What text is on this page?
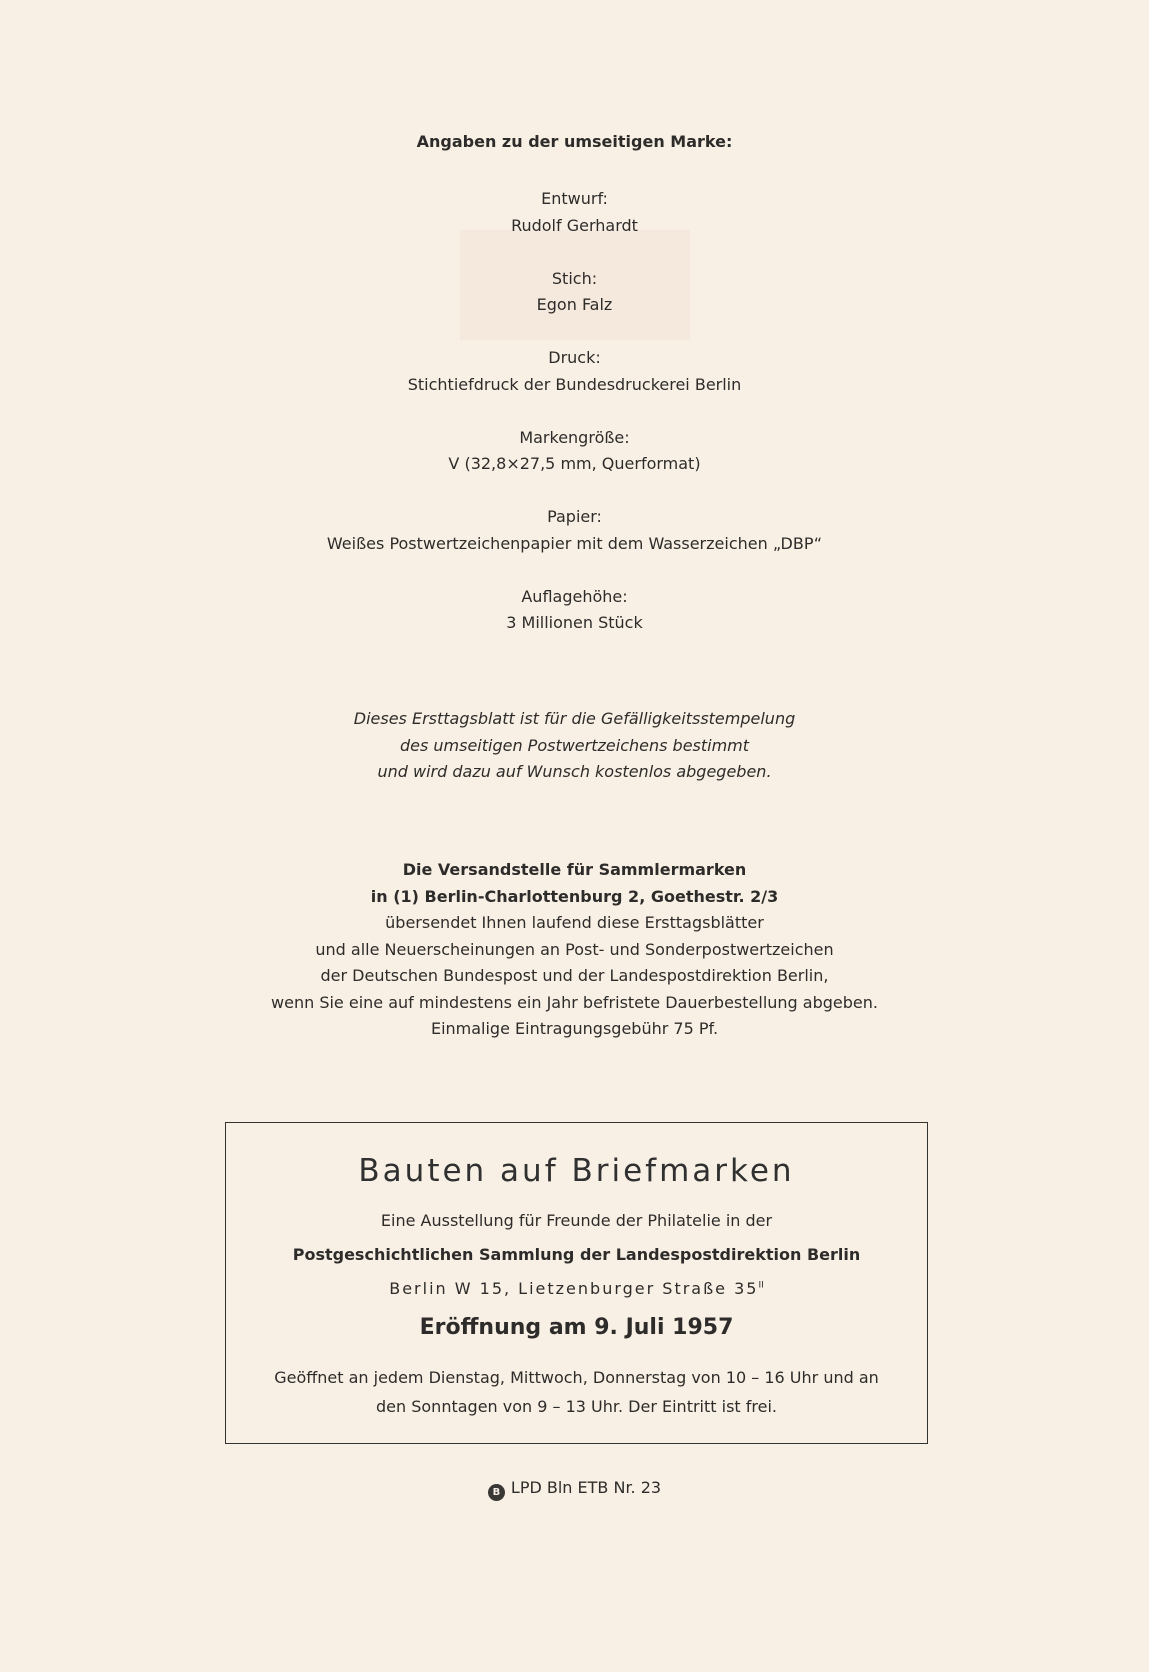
Angaben zu der umseitigen Marke:
Entwurf:
Rudolf Gerhardt
Stich:
Egon Falz
Druck:
Stichtiefdruck der Bundesdruckerei Berlin
Markengröße:
V (32,8×27,5 mm, Querformat)
Papier:
Weißes Postwertzeichenpapier mit dem Wasserzeichen „DBP“
Auflagehöhe:
3 Millionen Stück
Dieses Ersttagsblatt ist für die Gefälligkeitsstempelung
des umseitigen Postwertzeichens bestimmt
und wird dazu auf Wunsch kostenlos abgegeben.
Die Versandstelle für Sammlermarken
in (1) Berlin-Charlottenburg 2, Goethestr. 2/3
übersendet Ihnen laufend diese Ersttagsblätter
und alle Neuerscheinungen an Post- und Sonderpostwertzeichen
der Deutschen Bundespost und der Landespostdirektion Berlin,
wenn Sie eine auf mindestens ein Jahr befristete Dauerbestellung abgeben.
Einmalige Eintragungsgebühr 75 Pf.
Bauten auf Briefmarken
Eine Ausstellung für Freunde der Philatelie in der
Postgeschichtlichen Sammlung der Landespostdirektion Berlin
Berlin W 15, Lietzenburger Straße $35^{II}$
Eröffnung am 9. Juli 1957
Geöffnet an jedem Dienstag, Mittwoch, Donnerstag von 10 – 16 Uhr und an
den Sonntagen von 9 – 13 Uhr. Der Eintritt ist frei.
B LPD Bln ETB Nr. 23
